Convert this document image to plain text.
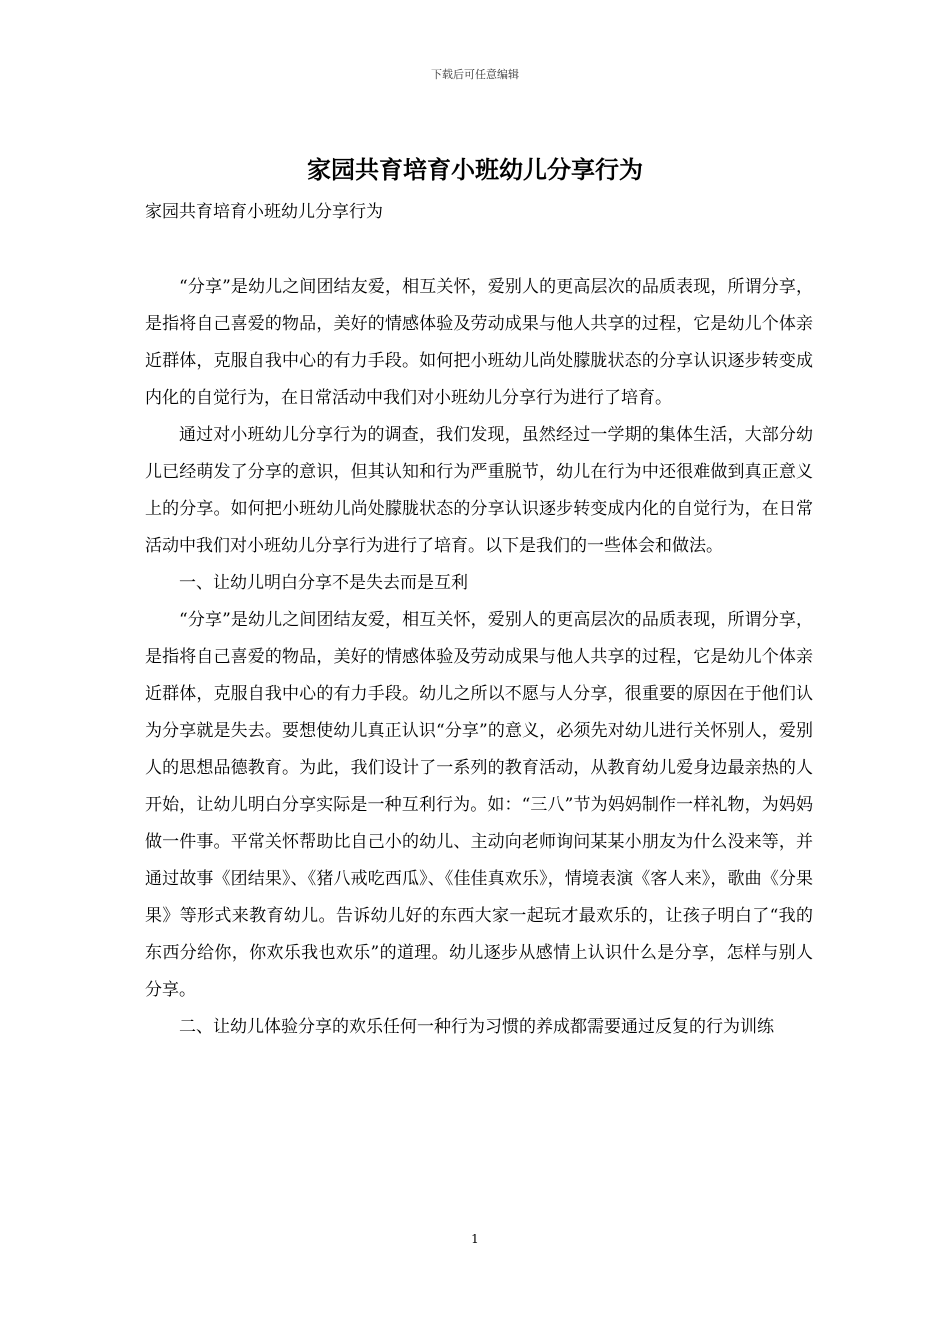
下载后可任意编辑
家园共育培育小班幼儿分享行为
家园共育培育小班幼儿分享行为

“分享”是幼儿之间团结友爱，相互关怀，爱别人的更高层次的品质表现，所谓分享，是指将自己喜爱的物品，美好的情感体验及劳动成果与他人共享的过程，它是幼儿个体亲近群体，克服自我中心的有力手段。如何把小班幼儿尚处朦胧状态的分享认识逐步转变成内化的自觉行为，在日常活动中我们对小班幼儿分享行为进行了培育。

通过对小班幼儿分享行为的调查，我们发现，虽然经过一学期的集体生活，大部分幼儿已经萌发了分享的意识，但其认知和行为严重脱节，幼儿在行为中还很难做到真正意义上的分享。如何把小班幼儿尚处朦胧状态的分享认识逐步转变成内化的自觉行为，在日常活动中我们对小班幼儿分享行为进行了培育。以下是我们的一些体会和做法。

一、让幼儿明白分享不是失去而是互利

“分享”是幼儿之间团结友爱，相互关怀，爱别人的更高层次的品质表现，所谓分享，是指将自己喜爱的物品，美好的情感体验及劳动成果与他人共享的过程，它是幼儿个体亲近群体，克服自我中心的有力手段。幼儿之所以不愿与人分享，很重要的原因在于他们认为分享就是失去。要想使幼儿真正认识“分享”的意义，必须先对幼儿进行关怀别人，爱别人的思想品德教育。为此，我们设计了一系列的教育活动，从教育幼儿爱身边最亲热的人开始，让幼儿明白分享实际是一种互利行为。如：“三八”节为妈妈制作一样礼物，为妈妈做一件事。平常关怀帮助比自己小的幼儿、主动向老师询问某某小朋友为什么没来等，并通过故事《团结果》、《猪八戒吃西瓜》、《佳佳真欢乐》，情境表演《客人来》，歌曲《分果果》等形式来教育幼儿。告诉幼儿好的东西大家一起玩才最欢乐的，让孩子明白了“我的东西分给你，你欢乐我也欢乐”的道理。幼儿逐步从感情上认识什么是分享，怎样与别人分享。

二、让幼儿体验分享的欢乐任何一种行为习惯的养成都需要通过反复的行为训练

1
